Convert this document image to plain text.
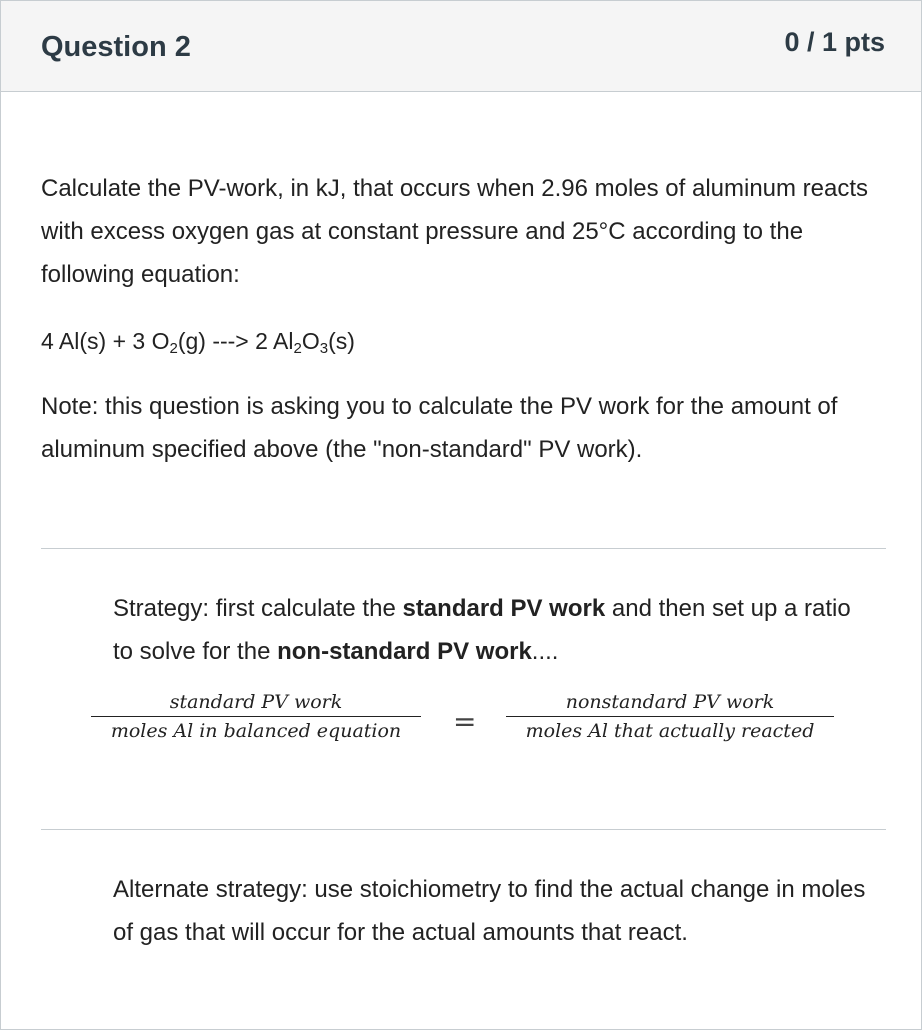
Question 2	0 / 1 pts
Calculate the PV-work, in kJ, that occurs when 2.96 moles of aluminum reacts with excess oxygen gas at constant pressure and 25°C according to the following equation:
4 Al(s) + 3 $O_2(g)$ ---> 2 $Al_2O_3(s)$
Note: this question is asking you to calculate the PV work for the amount of aluminum specified above (the "non-standard" PV work).
Strategy: first calculate the standard PV work and then set up a ratio to solve for the non-standard PV work....
standard PV work
moles Al in balanced equation	=
nonstandard PV work
moles Al that actually reacted
Alternate strategy: use stoichiometry to find the actual change in moles of gas that will occur for the actual amounts that react.
